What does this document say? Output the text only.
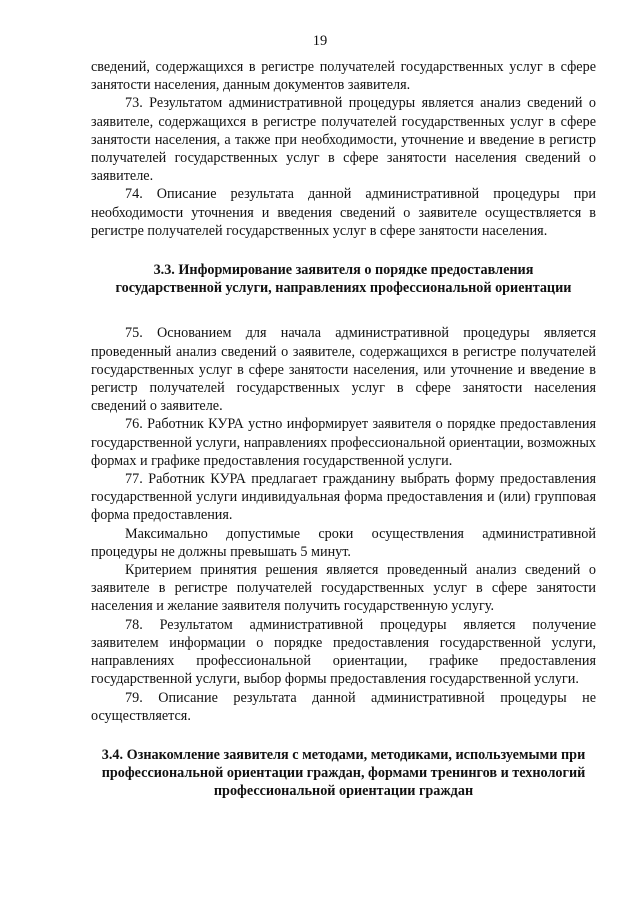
19

сведений, содержащихся в регистре получателей государственных услуг в сфере занятости населения, данным документов заявителя.

73. Результатом административной процедуры является анализ сведений о заявителе, содержащихся в регистре получателей государственных услуг в сфере занятости населения, а также при необходимости, уточнение и введение в регистр получателей государственных услуг в сфере занятости населения сведений о заявителе.

74. Описание результата данной административной процедуры при необходимости уточнения и введения сведений о заявителе осуществляется в регистре получателей государственных услуг в сфере занятости населения.

3.3. Информирование заявителя о порядке предоставления государственной услуги, направлениях профессиональной ориентации

75. Основанием для начала административной процедуры является проведенный анализ сведений о заявителе, содержащихся в регистре получателей государственных услуг в сфере занятости населения, или уточнение и введение в регистр получателей государственных услуг в сфере занятости населения сведений о заявителе.

76. Работник КУРА устно информирует заявителя о порядке предоставления государственной услуги, направлениях профессиональной ориентации, возможных формах и графике предоставления государственной услуги.

77. Работник КУРА предлагает гражданину выбрать форму предоставления государственной услуги индивидуальная форма предоставления и (или) групповая форма предоставления.

Максимально допустимые сроки осуществления административной процедуры не должны превышать 5 минут.

Критерием принятия решения является проведенный анализ сведений о заявителе в регистре получателей государственных услуг в сфере занятости населения и желание заявителя получить государственную услугу.

78. Результатом административной процедуры является получение заявителем информации о порядке предоставления государственной услуги, направлениях профессиональной ориентации, графике предоставления государственной услуги, выбор формы предоставления государственной услуги.

79. Описание результата данной административной процедуры не осуществляется.

3.4. Ознакомление заявителя с методами, методиками, используемыми при профессиональной ориентации граждан, формами тренингов и технологий профессиональной ориентации граждан
